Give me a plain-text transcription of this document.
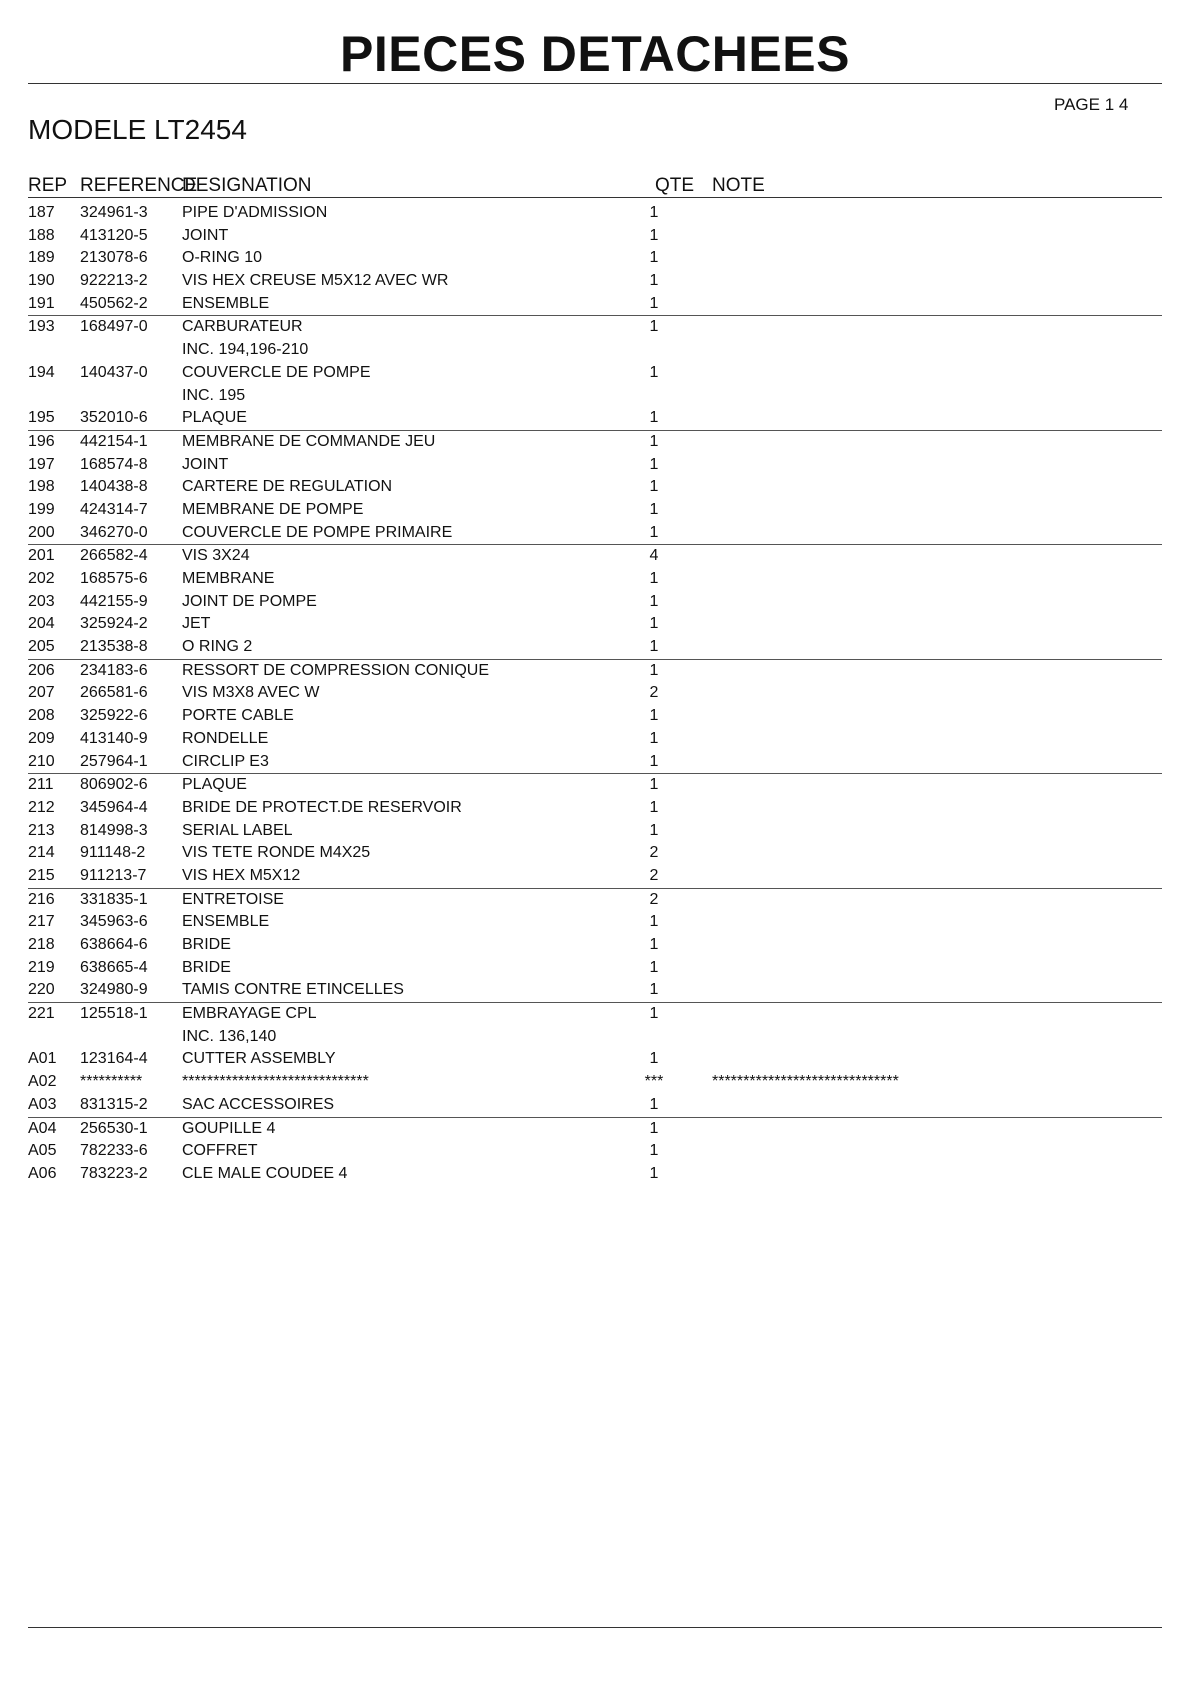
PIECES DETACHEES
PAGE 1 4
MODELE LT2454
REP REFERENCE
DESIGNATION	QTE NOTE
187 324961-3 PIPE D'ADMISSION	1
188 413120-5 JOINT	1
189 213078-6 O-RING 10	1
190 922213-2 VIS HEX CREUSE M5X12 AVEC WR	1
191 450562-2 ENSEMBLE	1
193 168497-0 CARBURATEUR	1
INC. 194,196-210
194 140437-0 COUVERCLE DE POMPE	1
INC. 195
195 352010-6 PLAQUE	1
196 442154-1 MEMBRANE DE COMMANDE JEU	1
197 168574-8 JOINT	1
198 140438-8 CARTERE DE REGULATION	1
199 424314-7 MEMBRANE DE POMPE	1
200 346270-0 COUVERCLE DE POMPE PRIMAIRE	1
201 266582-4 VIS 3X24	4
202 168575-6 MEMBRANE	1
203 442155-9 JOINT DE POMPE	1
204 325924-2 JET	1
205 213538-8 O RING 2	1
206 234183-6 RESSORT DE COMPRESSION CONIQUE	1
207 266581-6 VIS M3X8 AVEC W	2
208 325922-6 PORTE CABLE	1
209 413140-9 RONDELLE	1
210 257964-1 CIRCLIP E3	1
211 806902-6 PLAQUE	1
212 345964-4 BRIDE DE PROTECT.DE RESERVOIR	1
213 814998-3 SERIAL LABEL	1
214 911148-2 VIS TETE RONDE M4X25	2
215 911213-7 VIS HEX M5X12	2
216 331835-1 ENTRETOISE	2
217 345963-6 ENSEMBLE	1
218 638664-6 BRIDE	1
219 638665-4 BRIDE	1
220 324980-9 TAMIS CONTRE ETINCELLES	1
221 125518-1 EMBRAYAGE CPL	1
INC. 136,140
A01 123164-4 CUTTER ASSEMBLY	1
A02 ********** ******************************	***	******************************
A03 831315-2 SAC ACCESSOIRES	1
A04 256530-1 GOUPILLE 4	1
A05 782233-6 COFFRET	1
A06 783223-2 CLE MALE COUDEE 4	1
